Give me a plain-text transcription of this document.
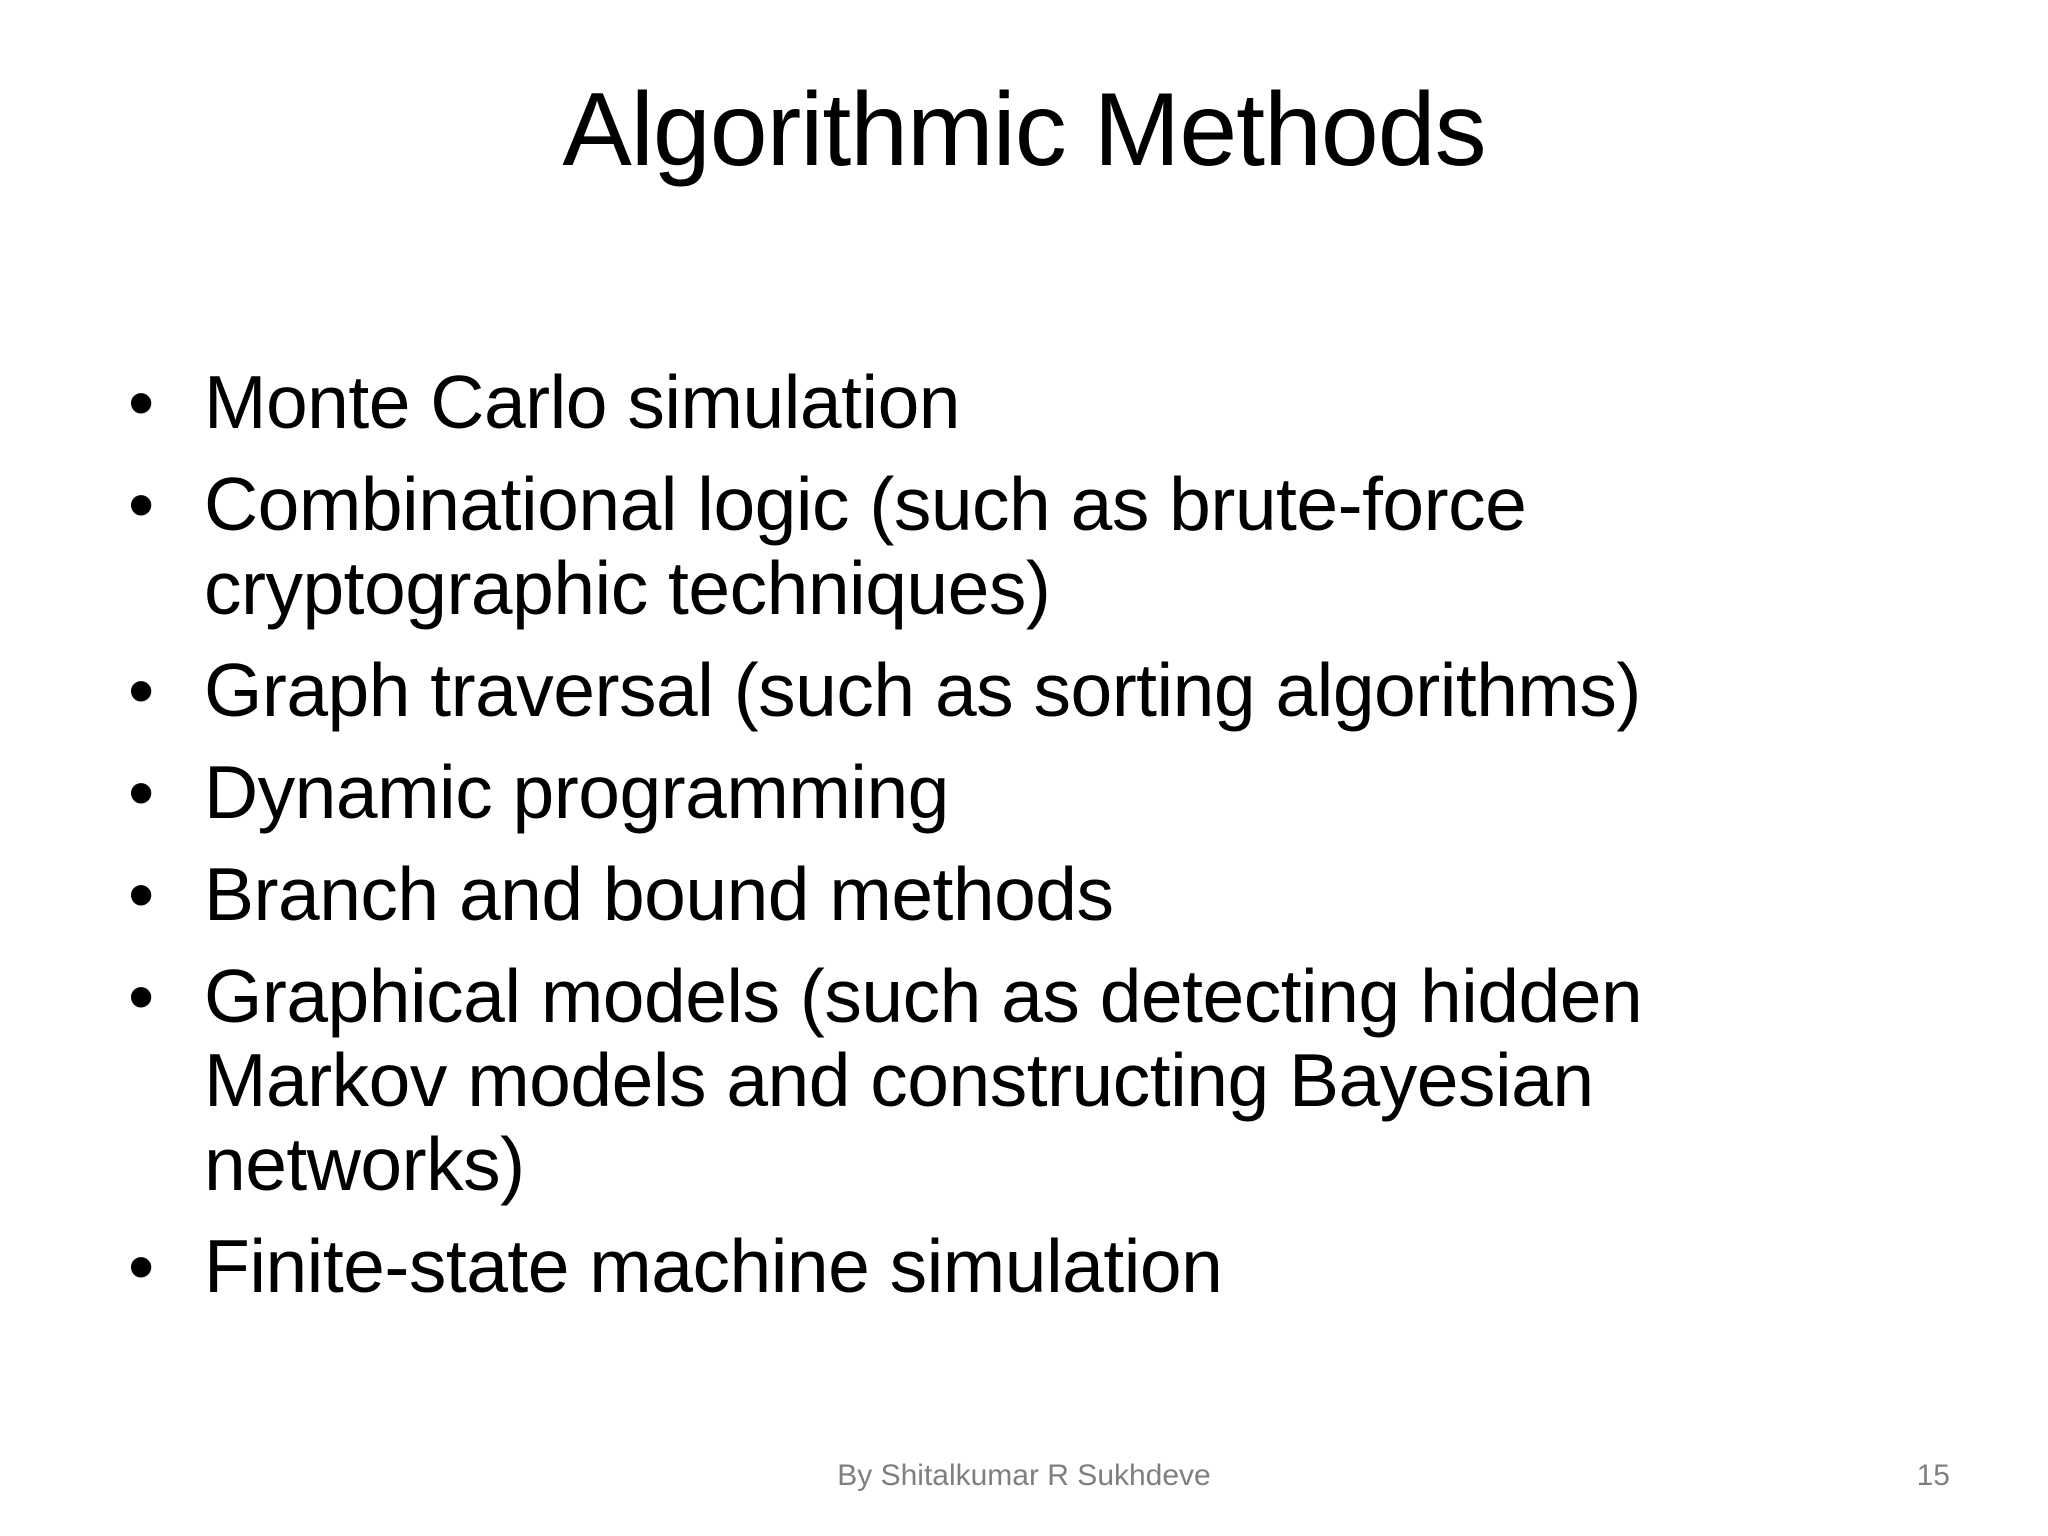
Algorithmic Methods
• Monte Carlo simulation
• Combinational logic (such as brute-force cryptographic techniques)
• Graph traversal (such as sorting algorithms)
• Dynamic programming
• Branch and bound methods
• Graphical models (such as detecting hidden Markov models and constructing Bayesian networks)
• Finite-state machine simulation
By Shitalkumar R Sukhdeve	15
